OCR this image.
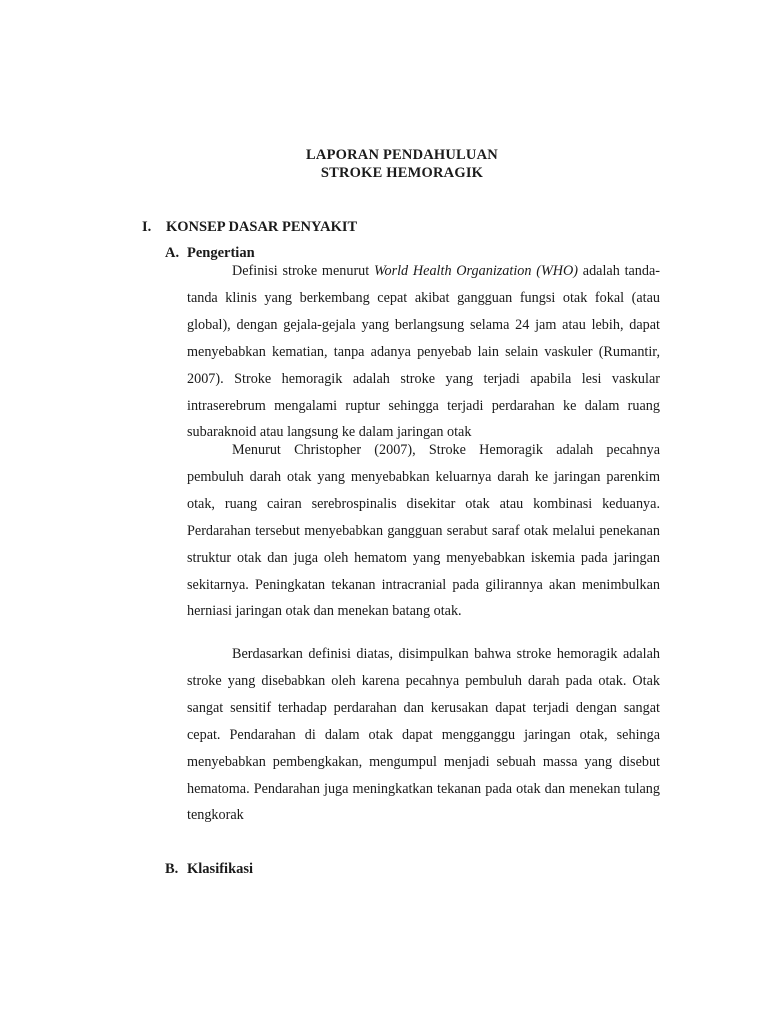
LAPORAN PENDAHULUAN
STROKE HEMORAGIK
I. KONSEP DASAR PENYAKIT
A. Pengertian

Definisi stroke menurut World Health Organization (WHO) adalah tanda-tanda klinis yang berkembang cepat akibat gangguan fungsi otak fokal (atau global), dengan gejala-gejala yang berlangsung selama 24 jam atau lebih, dapat menyebabkan kematian, tanpa adanya penyebab lain selain vaskuler (Rumantir, 2007). Stroke hemoragik adalah stroke yang terjadi apabila lesi vaskular intraserebrum mengalami ruptur sehingga terjadi perdarahan ke dalam ruang subaraknoid atau langsung ke dalam jaringan otak

Menurut Christopher (2007), Stroke Hemoragik adalah pecahnya pembuluh darah otak yang menyebabkan keluarnya darah ke jaringan parenkim otak, ruang cairan serebrospinalis disekitar otak atau kombinasi keduanya. Perdarahan tersebut menyebabkan gangguan serabut saraf otak melalui penekanan struktur otak dan juga oleh hematom yang menyebabkan iskemia pada jaringan sekitarnya. Peningkatan tekanan intracranial pada gilirannya akan menimbulkan herniasi jaringan otak dan menekan batang otak.

Berdasarkan definisi diatas, disimpulkan bahwa stroke hemoragik adalah stroke yang disebabkan oleh karena pecahnya pembuluh darah pada otak. Otak sangat sensitif terhadap perdarahan dan kerusakan dapat terjadi dengan sangat cepat. Pendarahan di dalam otak dapat mengganggu jaringan otak, sehinga menyebabkan pembengkakan, mengumpul menjadi sebuah massa yang disebut hematoma. Pendarahan juga meningkatkan tekanan pada otak dan menekan tulang tengkorak

B. Klasifikasi
